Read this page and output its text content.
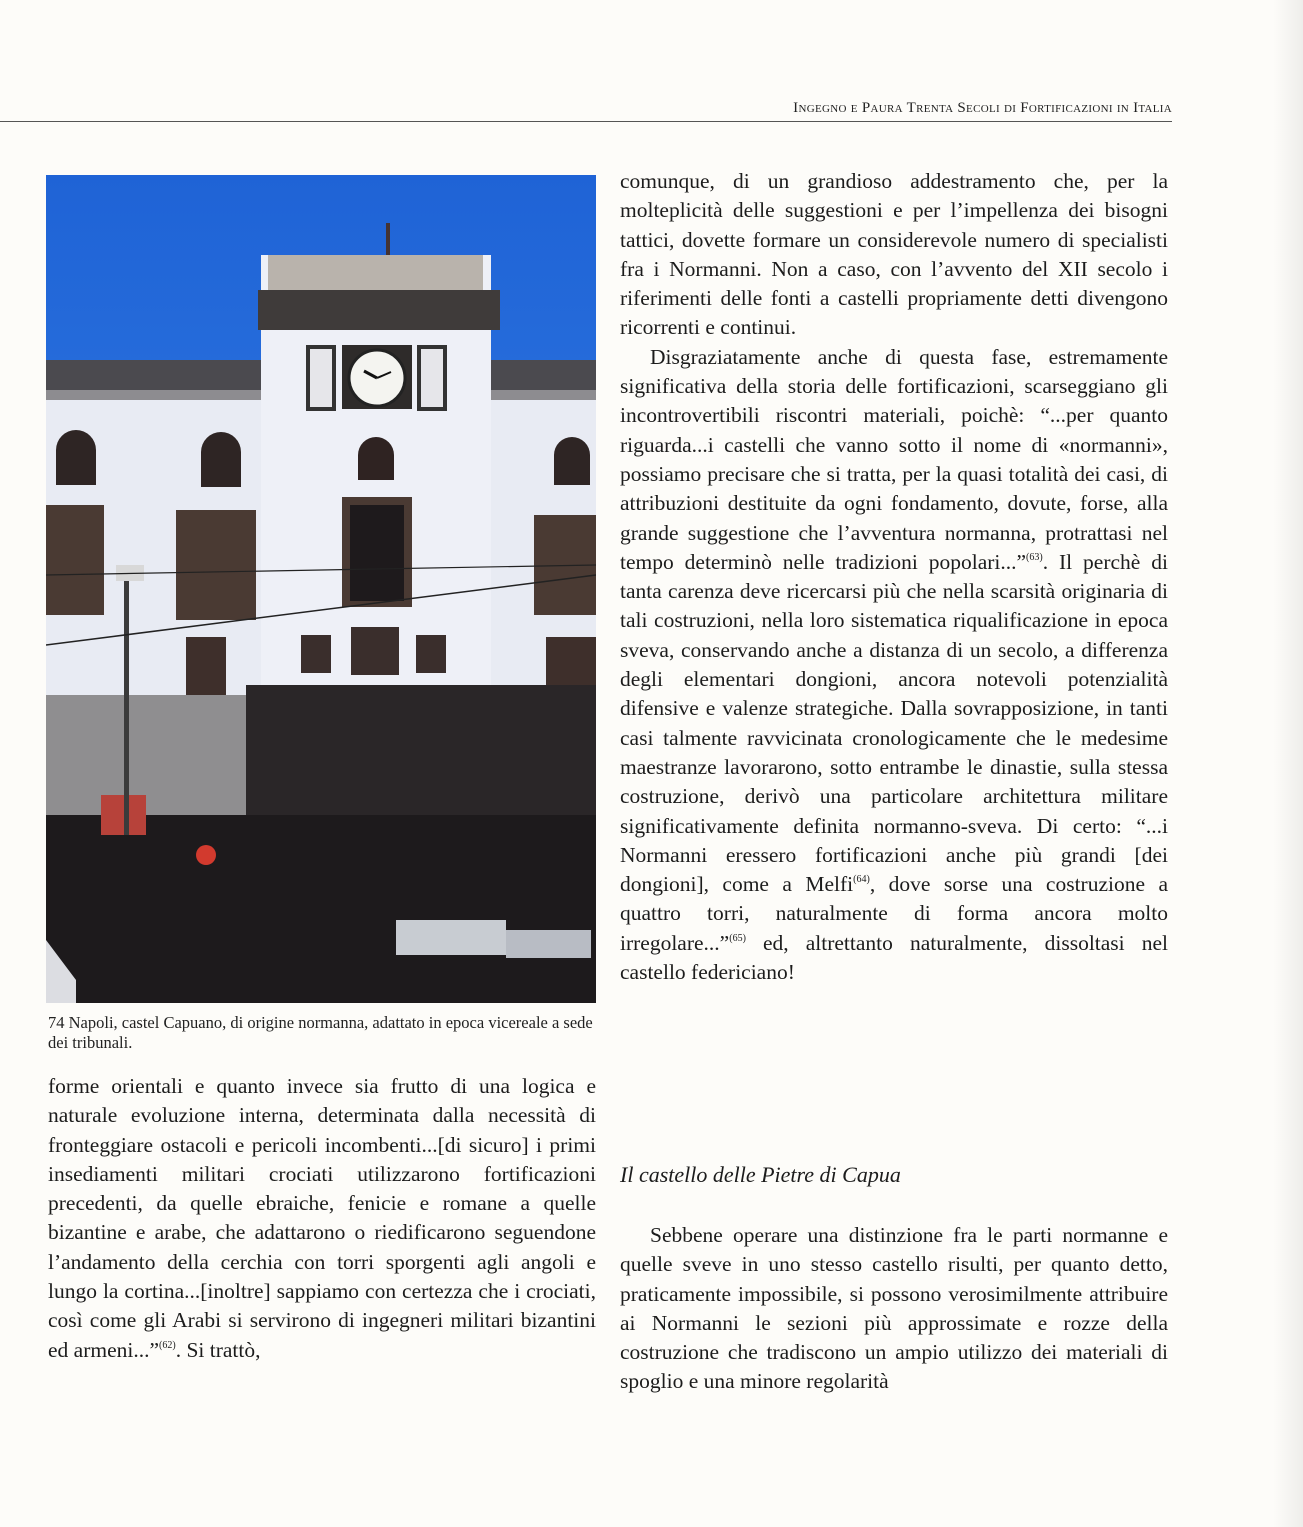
Ingegno e Paura Trenta Secoli di Fortificazioni in Italia
74 Napoli, castel Capuano, di origine normanna, adattato in epoca vicereale a sede dei tribunali.

forme orientali e quanto invece sia frutto di una logica e naturale evoluzione interna, determinata dalla necessità di fronteggiare ostacoli e pericoli incombenti...[di sicuro] i primi insediamenti militari crociati utilizzarono fortificazioni precedenti, da quelle ebraiche, fenicie e romane a quelle bizantine e arabe, che adattarono o riedificarono seguendone l’andamento della cerchia con torri sporgenti agli angoli e lungo la cortina...[inoltre] sappiamo con certezza che i crociati, così come gli Arabi si servirono di ingegneri militari bizantini ed armeni...”$^{(62)}$. Si trattò,

comunque, di un grandioso addestramento che, per la molteplicità delle suggestioni e per l’impellenza dei bisogni tattici, dovette formare un considerevole numero di specialisti fra i Normanni. Non a caso, con l’avvento del XII secolo i riferimenti delle fonti a castelli propriamente detti divengono ricorrenti e continui.

Disgraziatamente anche di questa fase, estremamente significativa della storia delle fortificazioni, scarseggiano gli incontrovertibili riscontri materiali, poichè: “...per quanto riguarda...i castelli che vanno sotto il nome di «normanni», possiamo precisare che si tratta, per la quasi totalità dei casi, di attribuzioni destituite da ogni fondamento, dovute, forse, alla grande suggestione che l’avventura normanna, protrattasi nel tempo determinò nelle tradizioni popolari...”$^{(63)}$. Il perchè di tanta carenza deve ricercarsi più che nella scarsità originaria di tali costruzioni, nella loro sistematica riqualificazione in epoca sveva, conservando anche a distanza di un secolo, a differenza degli elementari dongioni, ancora notevoli potenzialità difensive e valenze strategiche. Dalla sovrapposizione, in tanti casi talmente ravvicinata cronologicamente che le medesime maestranze lavorarono, sotto entrambe le dinastie, sulla stessa costruzione, derivò una particolare architettura militare significativamente definita normanno-sveva. Di certo: “...i Normanni eressero fortificazioni anche più grandi [dei dongioni], come a Melfi$^{(64)}$, dove sorse una costruzione a quattro torri, naturalmente di forma ancora molto irregolare...”$^{(65)}$ ed, altrettanto naturalmente, dissoltasi nel castello federiciano!

Il castello delle Pietre di Capua

Sebbene operare una distinzione fra le parti normanne e quelle sveve in uno stesso castello risulti, per quanto detto, praticamente impossibile, si possono verosimilmente attribuire ai Normanni le sezioni più approssimate e rozze della costruzione che tradiscono un ampio utilizzo dei materiali di spoglio e una minore regolarità
